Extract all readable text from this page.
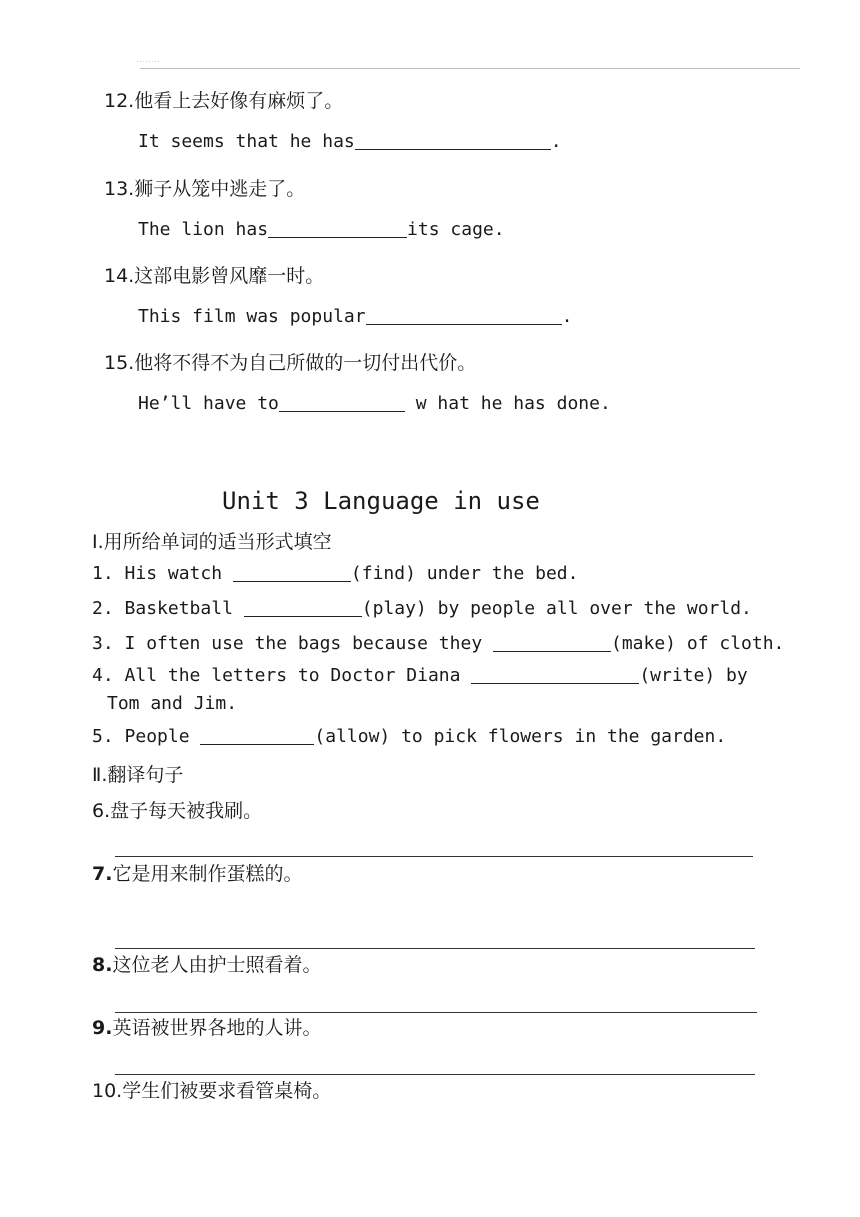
........
12.他看上去好像有麻烦了。
It seems that he has	.
13.狮子从笼中逃走了。
The lion has	its cage.
14.这部电影曾风靡一时。
This film was popular	.
15.他将不得不为自己所做的一切付出代价。
He’ll have to	w hat he has done.
Unit 3 Language in use
Ⅰ.用所给单词的适当形式填空
1. His watch	(find) under the bed.
2. Basketball	(play) by people all over the world.
3. I often use the bags because they	(make) of cloth.
4. All the letters to Doctor Diana	(write) by
Tom and Jim.
5. People	(allow) to pick flowers in the garden.
Ⅱ.翻译句子
6.盘子每天被我刷。
7.它是用来制作蛋糕的。
8.这位老人由护士照看着。
9.英语被世界各地的人讲。
10.学生们被要求看管桌椅。
